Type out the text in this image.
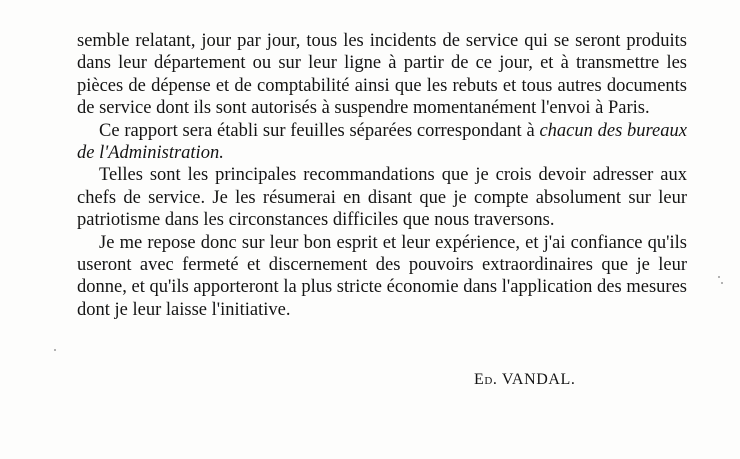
semble relatant, jour par jour, tous les incidents de service qui se seront produits dans leur département ou sur leur ligne à partir de ce jour, et à transmettre les pièces de dépense et de comptabilité ainsi que les rebuts et tous autres documents de service dont ils sont autorisés à suspendre momentanément l'envoi à Paris.

Ce rapport sera établi sur feuilles séparées correspondant à chacun des bureaux de l'Administration.

Telles sont les principales recommandations que je crois devoir adresser aux chefs de service. Je les résumerai en disant que je compte absolument sur leur patriotisme dans les circonstances difficiles que nous traversons.

Je me repose donc sur leur bon esprit et leur expérience, et j'ai confiance qu'ils useront avec fermeté et discernement des pouvoirs extraordinaires que je leur donne, et qu'ils apporteront la plus stricte économie dans l'application des mesures dont je leur laisse l'initiative.

Ed. VANDAL.
